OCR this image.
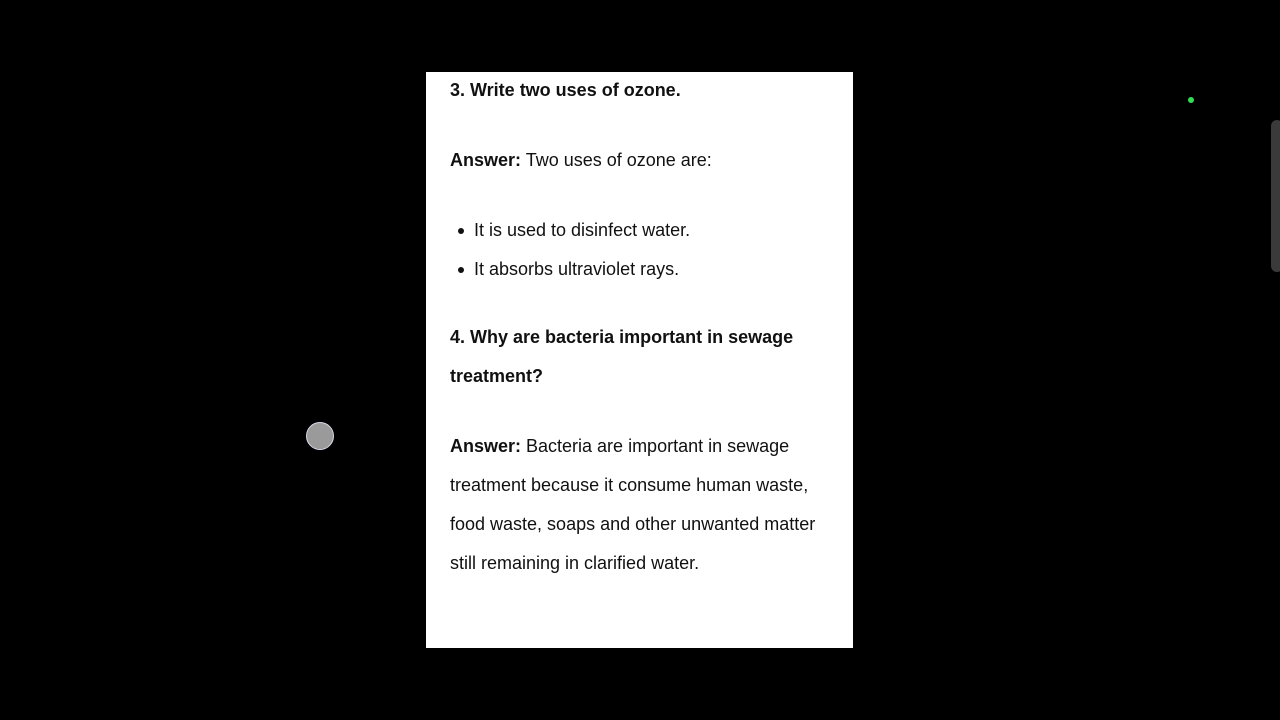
3. Write two uses of ozone.

Answer: Two uses of ozone are:

It is used to disinfect water.
It absorbs ultraviolet rays.

4. Why are bacteria important in sewage treatment?

Answer: Bacteria are important in sewage treatment because it consume human waste, food waste, soaps and other unwanted matter still remaining in clarified water.
